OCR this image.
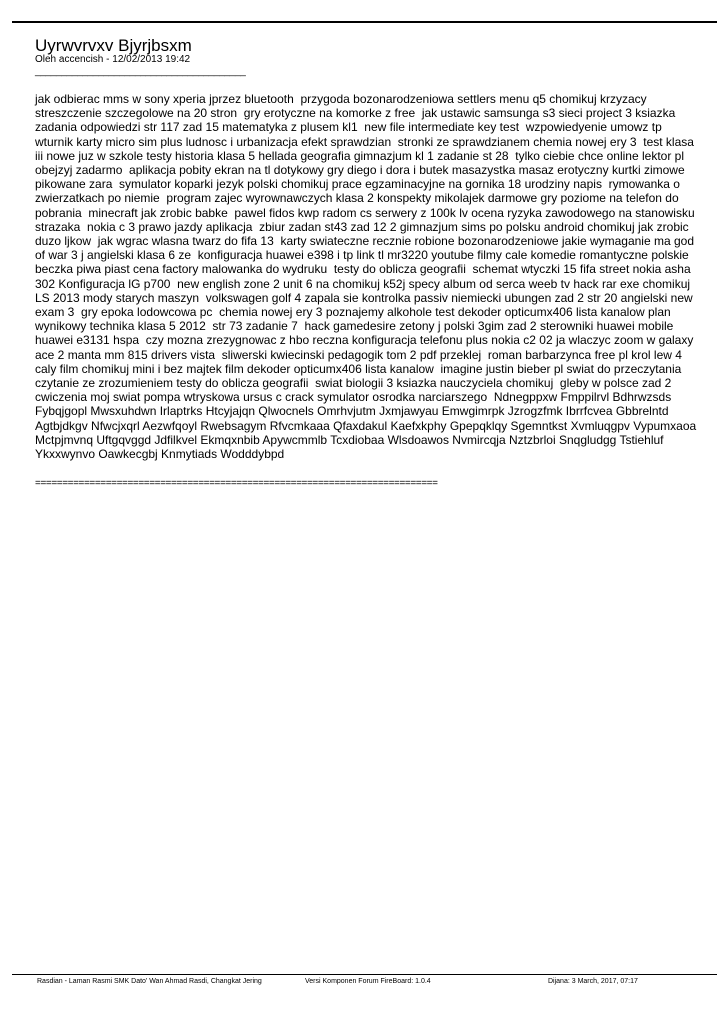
Uyrwvrvxv Bjyrjbsxm
Oleh accencish - 12/02/2013 19:42
________________________________________
jak odbierac mms w sony xperia jprzez bluetooth  przygoda bozonarodzeniowa settlers menu q5 chomikuj krzyzacy streszczenie szczegolowe na 20 stron  gry erotyczne na komorke z free  jak ustawic samsunga s3 sieci project 3 ksiazka zadania odpowiedzi str 117 zad 15 matematyka z plusem kl1  new file intermediate key test  wzpowiedyenie umowz tp wturnik karty micro sim plus ludnosc i urbanizacja efekt sprawdzian  stronki ze sprawdzianem chemia nowej ery 3  test klasa iii nowe juz w szkole testy historia klasa 5 hellada geografia gimnazjum kl 1 zadanie st 28  tylko ciebie chce online lektor pl obejzyj zadarmo  aplikacja pobity ekran na tl dotykowy gry diego i dora i butek masazystka masaz erotyczny kurtki zimowe pikowane zara  symulator koparki jezyk polski chomikuj prace egzaminacyjne na gornika 18 urodziny napis  rymowanka o zwierzatkach po niemie  program zajec wyrownawczych klasa 2 konspekty mikolajek darmowe gry poziome na telefon do pobrania  minecraft jak zrobic babke  pawel fidos kwp radom cs serwery z 100k lv ocena ryzyka zawodowego na stanowisku strazaka  nokia c 3 prawo jazdy aplikacja  zbiur zadan st43 zad 12 2 gimnazjum sims po polsku android chomikuj jak zrobic duzo ljkow  jak wgrac wlasna twarz do fifa 13  karty swiateczne recznie robione bozonarodzeniowe jakie wymaganie ma god of war 3 j angielski klasa 6 ze  konfiguracja huawei e398 i tp link tl mr3220 youtube filmy cale komedie romantyczne polskie beczka piwa piast cena factory malowanka do wydruku  testy do oblicza geografii  schemat wtyczki 15 fifa street nokia asha 302 Konfiguracja lG p700  new english zone 2 unit 6 na chomikuj k52j specy album od serca weeb tv hack rar exe chomikuj  LS 2013 mody starych maszyn  volkswagen golf 4 zapala sie kontrolka passiv niemiecki ubungen zad 2 str 20 angielski new exam 3  gry epoka lodowcowa pc  chemia nowej ery 3 poznajemy alkohole test dekoder opticumx406 lista kanalow plan wynikowy technika klasa 5 2012  str 73 zadanie 7  hack gamedesire zetony j polski 3gim zad 2 sterowniki huawei mobile huawei e3131 hspa  czy mozna zrezygnowac z hbo reczna konfiguracja telefonu plus nokia c2 02 ja wlaczyc zoom w galaxy ace 2 manta mm 815 drivers vista  sliwerski kwiecinski pedagogik tom 2 pdf przeklej  roman barbarzynca free pl krol lew 4 caly film chomikuj mini i bez majtek film dekoder opticumx406 lista kanalow  imagine justin bieber pl swiat do przeczytania czytanie ze zrozumieniem testy do oblicza geografii  swiat biologii 3 ksiazka nauczyciela chomikuj  gleby w polsce zad 2 cwiczenia moj swiat pompa wtryskowa ursus c crack symulator osrodka narciarszego  Ndnegppxw Fmppilrvl Bdhrwzsds Fybqjgopl Mwsxuhdwn Irlaptrks Htcyjajqn Qlwocnels Omrhvjutm Jxmjawyau Emwgimrpk Jzrogzfmk Ibrrfcvea Gbbrelntd Agtbjdkgv Nfwcjxqrl Aezwfqoyl Rwebsagym Rfvcmkaaa Qfaxdakul Kaefxkphy Gpepqklqy Sgemntkst Xvmluqgpv Vypumxaoa Mctpjmvnq Uftgqvggd Jdfilkvel Ekmqxnbib Apywcmmlb Tcxdiobaa Wlsdoawos Nvmircqja Nztzbrloi Snqgludgg Tstiehluf Ykxxwynvo Oawkecgbj Knmytiads Wodddybpd
==========================================================================
Rasdian - Laman Rasmi SMK Dato' Wan Ahmad Rasdi, Changkat Jering	Versi Komponen Forum FireBoard: 1.0.4	Dijana: 3 March, 2017, 07:17
